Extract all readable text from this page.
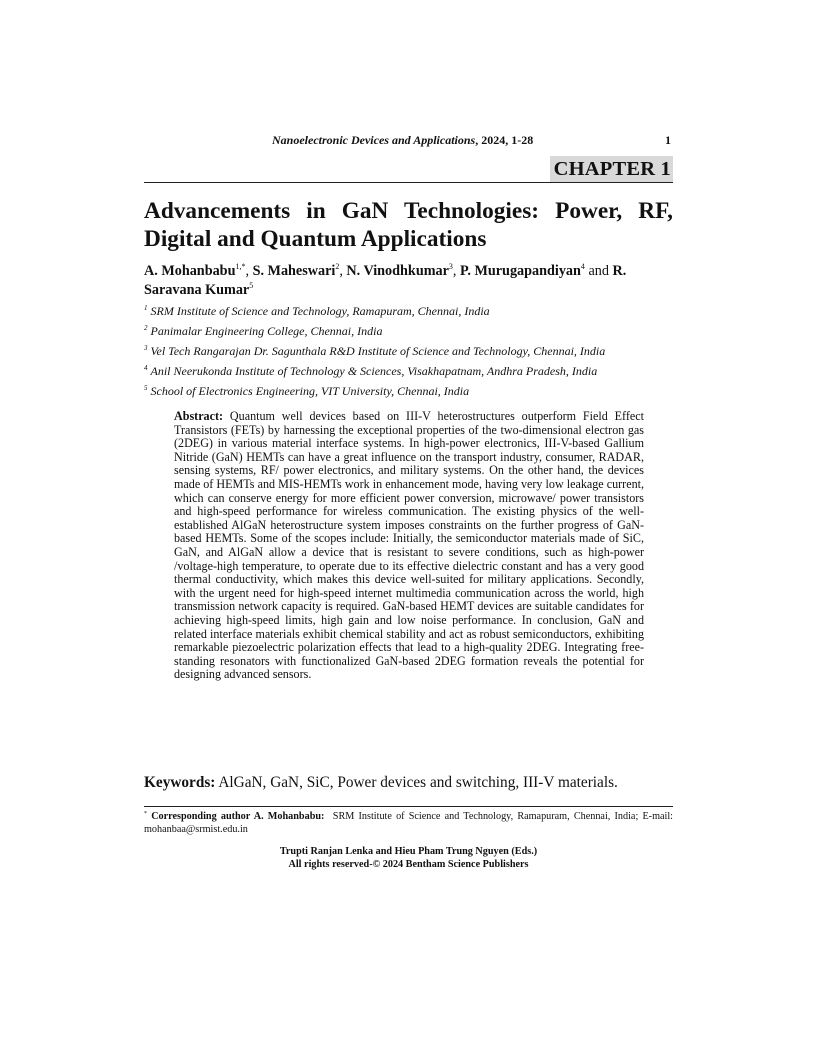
Nanoelectronic Devices and Applications, 2024, 1-28	1
CHAPTER 1
Advancements in GaN Technologies: Power, RF, Digital and Quantum Applications
A. Mohanbabu$^{1,*}$, S. Maheswari$^2$, N. Vinodhkumar$^3$, P. Murugapandiyan$^4$ and R. Saravana Kumar$^5$
$^1$ SRM Institute of Science and Technology, Ramapuram, Chennai, India
$^2$ Panimalar Engineering College, Chennai, India
$^3$ Vel Tech Rangarajan Dr. Sagunthala R&D Institute of Science and Technology, Chennai, India
$^4$ Anil Neerukonda Institute of Technology & Sciences, Visakhapatnam, Andhra Pradesh, India
$^5$ School of Electronics Engineering, VIT University, Chennai, India
Abstract: Quantum well devices based on III-V heterostructures outperform Field Effect Transistors (FETs) by harnessing the exceptional properties of the two-dimensional electron gas (2DEG) in various material interface systems. In high-power electronics, III-V-based Gallium Nitride (GaN) HEMTs can have a great influence on the transport industry, consumer, RADAR, sensing systems, RF/ power electronics, and military systems. On the other hand, the devices made of HEMTs and MIS-HEMTs work in enhancement mode, having very low leakage current, which can conserve energy for more efficient power conversion, microwave/ power transistors and high-speed performance for wireless communication. The existing physics of the well-established AlGaN heterostructure system imposes constraints on the further progress of GaN-based HEMTs. Some of the scopes include: Initially, the semiconductor materials made of SiC, GaN, and AlGaN allow a device that is resistant to severe conditions, such as high-power /voltage-high temperature, to operate due to its effective dielectric constant and has a very good thermal conductivity, which makes this device well-suited for military applications. Secondly, with the urgent need for high-speed internet multimedia communication across the world, high transmission network capacity is required. GaN-based HEMT devices are suitable candidates for achieving high-speed limits, high gain and low noise performance. In conclusion, GaN and related interface materials exhibit chemical stability and act as robust semiconductors, exhibiting remarkable piezoelectric polarization effects that lead to a high-quality 2DEG. Integrating free-standing resonators with functionalized GaN-based 2DEG formation reveals the potential for designing advanced sensors.
Keywords: AlGaN, GaN, SiC, Power devices and switching, III-V materials.
* Corresponding author A. Mohanbabu: SRM Institute of Science and Technology, Ramapuram, Chennai, India; E-mail: mohanbaa@srmist.edu.in
Trupti Ranjan Lenka and Hieu Pham Trung Nguyen (Eds.)
All rights reserved-© 2024 Bentham Science Publishers
